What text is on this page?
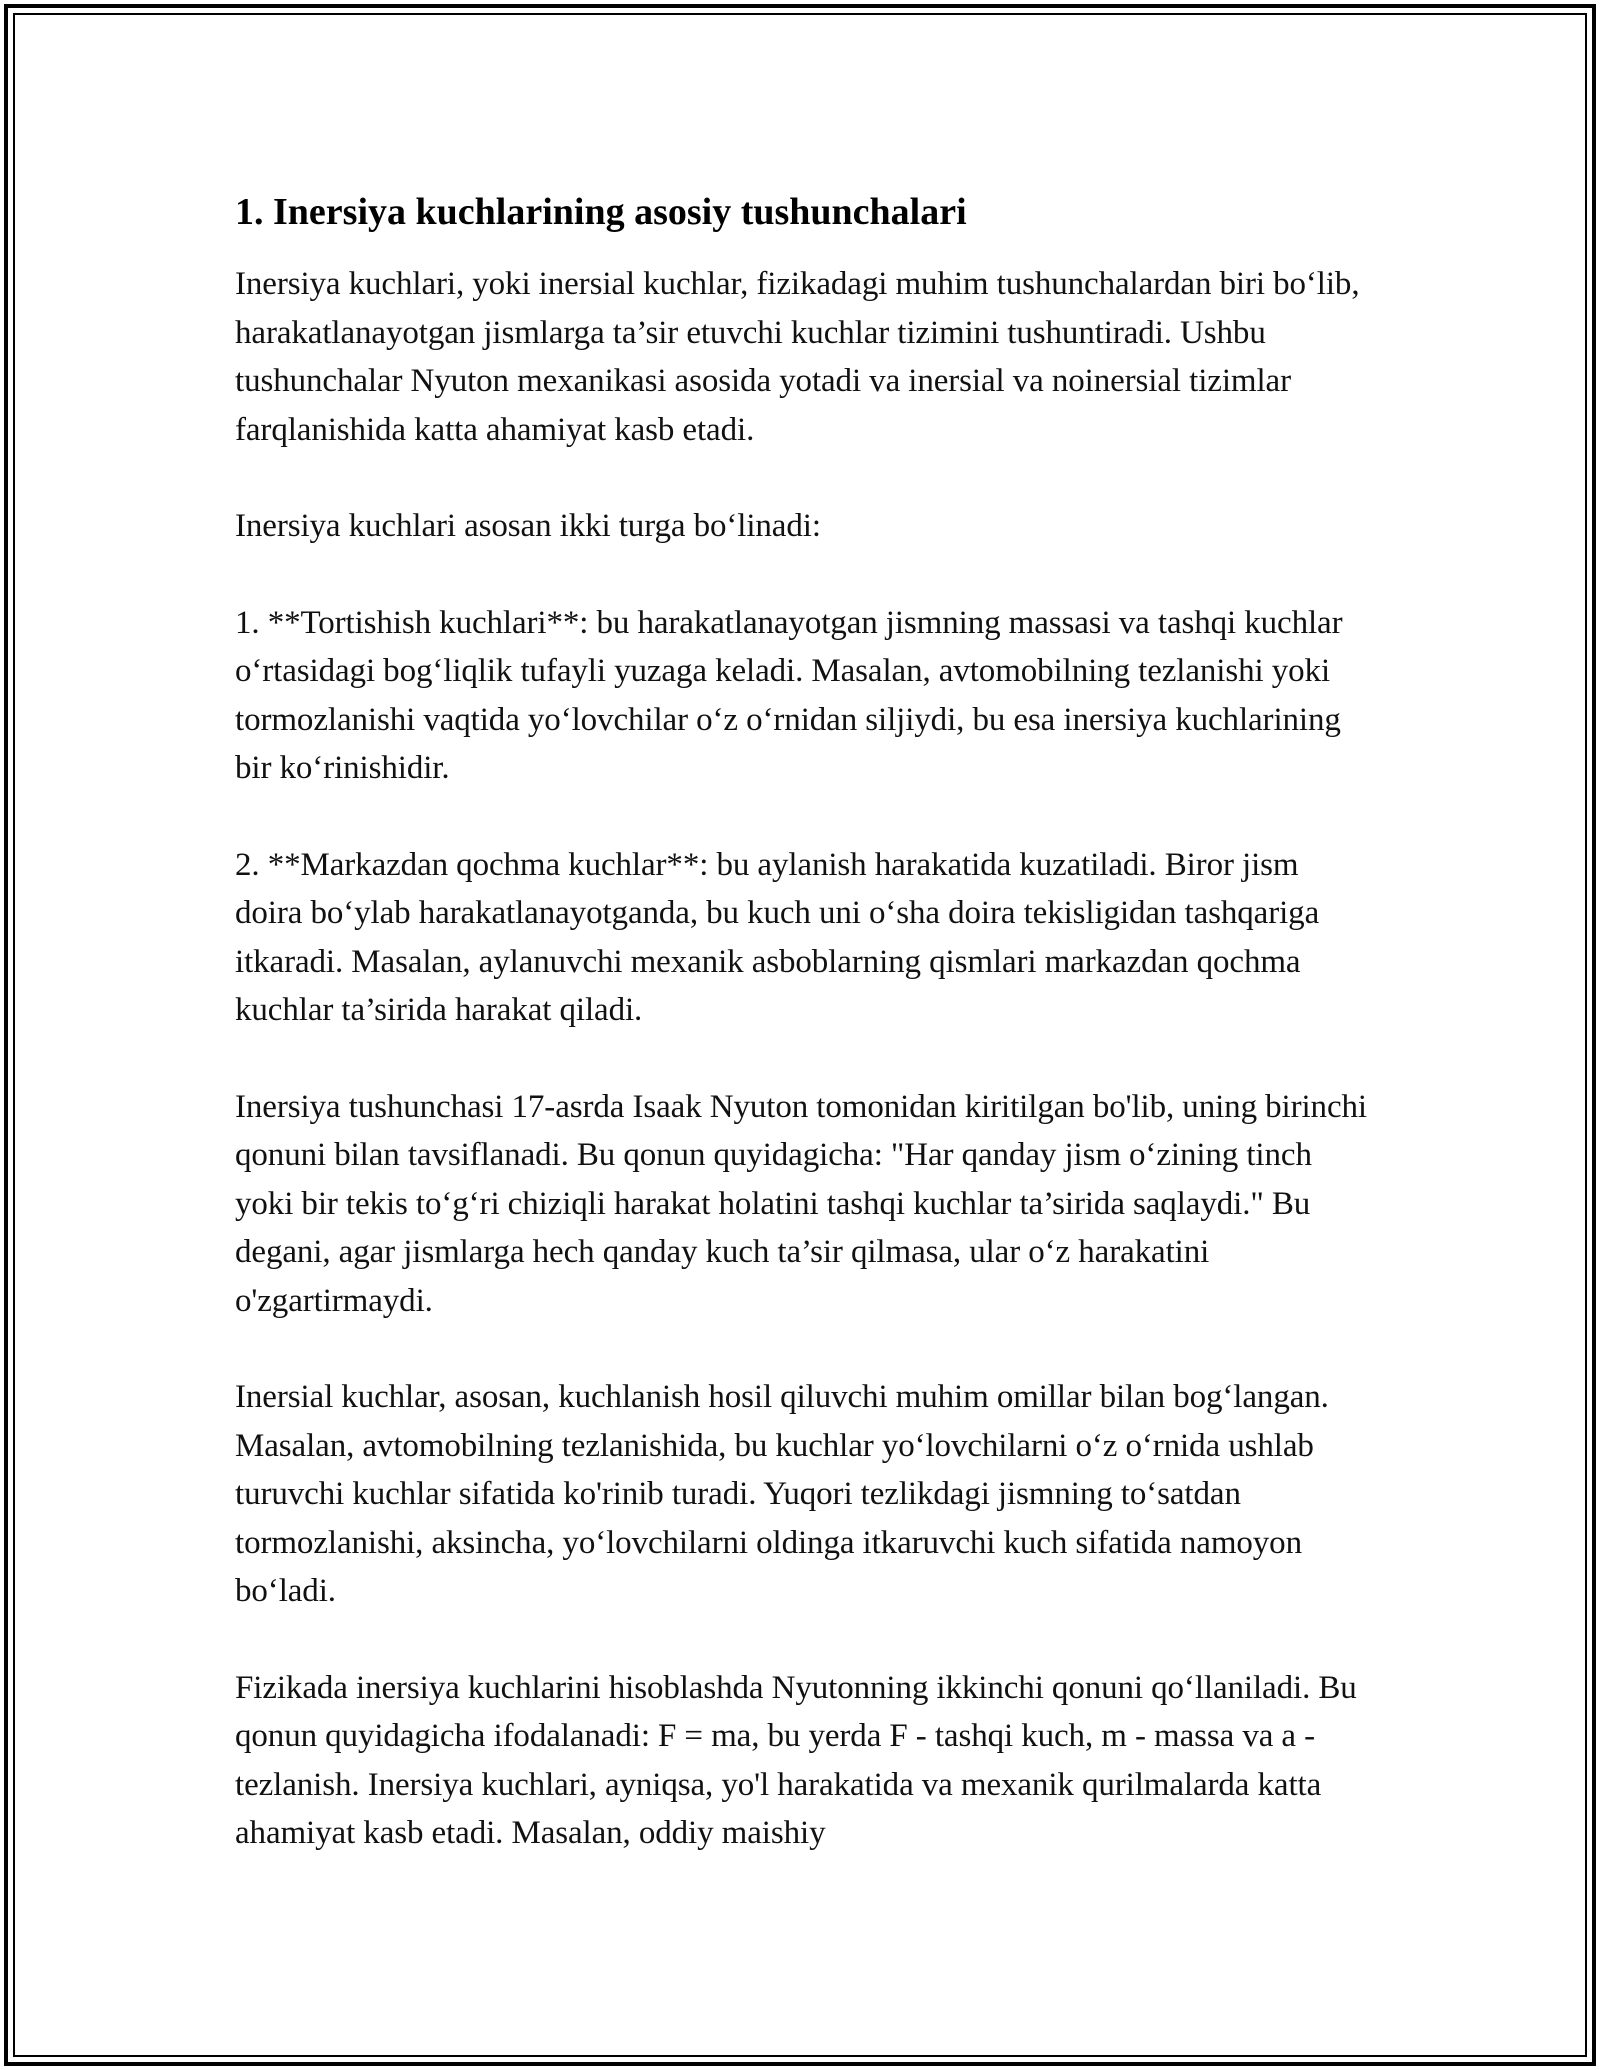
1. Inersiya kuchlarining asosiy tushunchalari

Inersiya kuchlari, yoki inersial kuchlar, fizikadagi muhim tushunchalardan biri bo‘lib, harakatlanayotgan jismlarga ta’sir etuvchi kuchlar tizimini tushuntiradi. Ushbu tushunchalar Nyuton mexanikasi asosida yotadi va inersial va noinersial tizimlar farqlanishida katta ahamiyat kasb etadi.

Inersiya kuchlari asosan ikki turga bo‘linadi:

1. **Tortishish kuchlari**: bu harakatlanayotgan jismning massasi va tashqi kuchlar o‘rtasidagi bog‘liqlik tufayli yuzaga keladi. Masalan, avtomobilning tezlanishi yoki tormozlanishi vaqtida yo‘lovchilar o‘z o‘rnidan siljiydi, bu esa inersiya kuchlarining bir ko‘rinishidir.

2. **Markazdan qochma kuchlar**: bu aylanish harakatida kuzatiladi. Biror jism doira bo‘ylab harakatlanayotganda, bu kuch uni o‘sha doira tekisligidan tashqariga itkaradi. Masalan, aylanuvchi mexanik asboblarning qismlari markazdan qochma kuchlar ta’sirida harakat qiladi.

Inersiya tushunchasi 17-asrda Isaak Nyuton tomonidan kiritilgan bo'lib, uning birinchi qonuni bilan tavsiflanadi. Bu qonun quyidagicha: "Har qanday jism o‘zining tinch yoki bir tekis to‘g‘ri chiziqli harakat holatini tashqi kuchlar ta’sirida saqlaydi." Bu degani, agar jismlarga hech qanday kuch ta’sir qilmasa, ular o‘z harakatini o'zgartirmaydi.

Inersial kuchlar, asosan, kuchlanish hosil qiluvchi muhim omillar bilan bog‘langan. Masalan, avtomobilning tezlanishida, bu kuchlar yo‘lovchilarni o‘z o‘rnida ushlab turuvchi kuchlar sifatida ko'rinib turadi. Yuqori tezlikdagi jismning to‘satdan tormozlanishi, aksincha, yo‘lovchilarni oldinga itkaruvchi kuch sifatida namoyon bo‘ladi.

Fizikada inersiya kuchlarini hisoblashda Nyutonning ikkinchi qonuni qo‘llaniladi. Bu qonun quyidagicha ifodalanadi: F = ma, bu yerda F - tashqi kuch, m - massa va a - tezlanish. Inersiya kuchlari, ayniqsa, yo'l harakatida va mexanik qurilmalarda katta ahamiyat kasb etadi. Masalan, oddiy maishiy
